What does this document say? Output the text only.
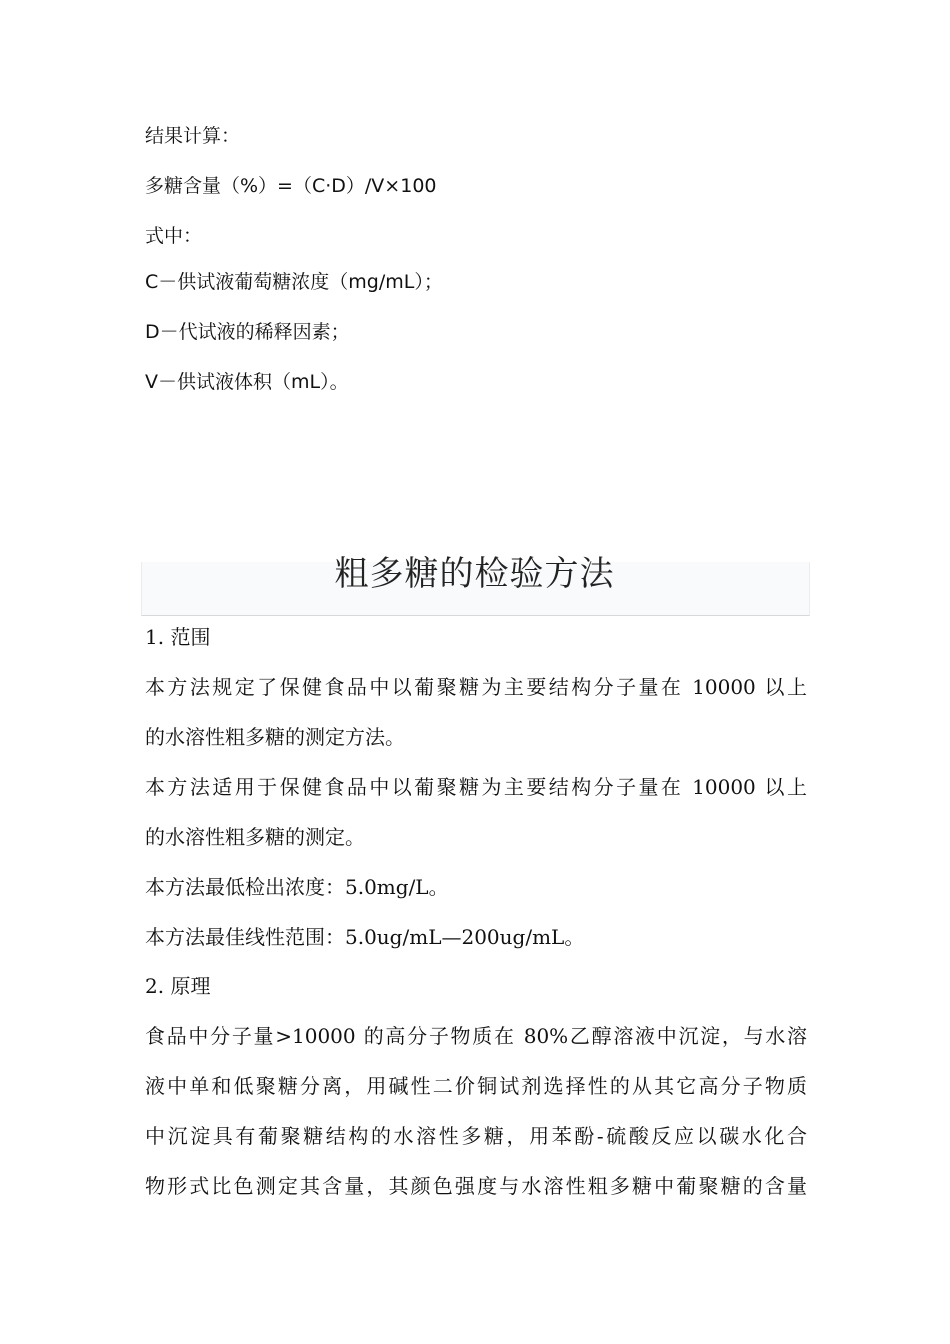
结果计算：
多糖含量（%）=（C·D）/V×100
式中：
C－供试液葡萄糖浓度（mg/mL）；
D－代试液的稀释因素；
V－供试液体积（mL）。
粗多糖的检验方法
1. 范围
本方法规定了保健食品中以葡聚糖为主要结构分子量在 10000 以上
的水溶性粗多糖的测定方法。
本方法适用于保健食品中以葡聚糖为主要结构分子量在 10000 以上
的水溶性粗多糖的测定。
本方法最低检出浓度：5.0mg/L。
本方法最佳线性范围：5.0ug/mL—200ug/mL。
2. 原理
食品中分子量>10000 的高分子物质在 80%乙醇溶液中沉淀，与水溶
液中单和低聚糖分离，用碱性二价铜试剂选择性的从其它高分子物质
中沉淀具有葡聚糖结构的水溶性多糖，用苯酚-硫酸反应以碳水化合
物形式比色测定其含量，其颜色强度与水溶性粗多糖中葡聚糖的含量
